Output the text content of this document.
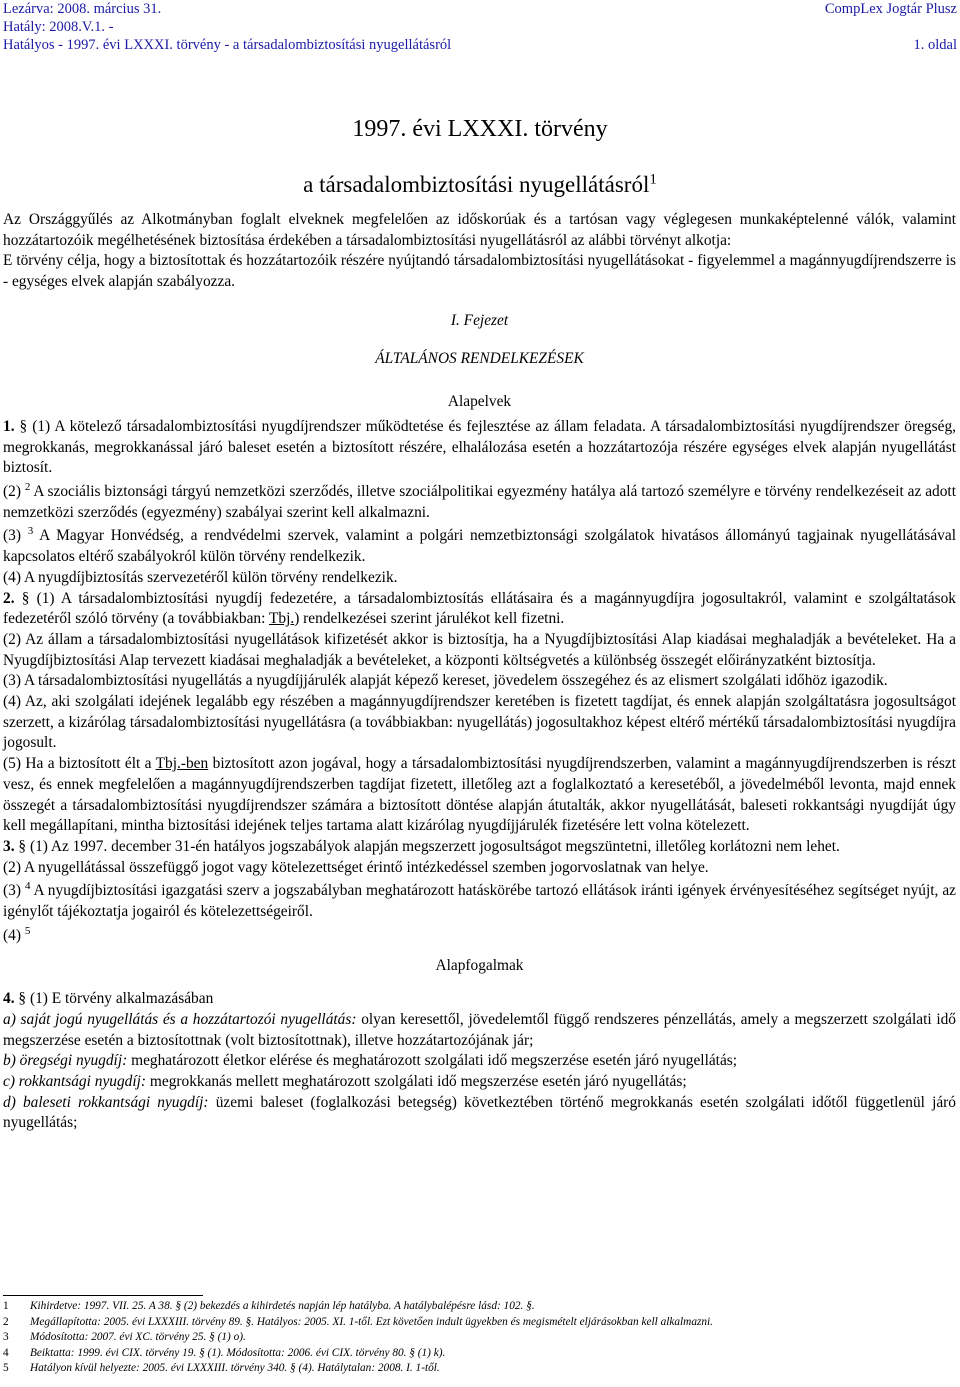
Lezárva: 2008. március 31.	CompLex Jogtár Plusz
Hatály: 2008.V.1. -
Hatályos - 1997. évi LXXXI. törvény - a társadalombiztosítási nyugellátásról	1. oldal
1997. évi LXXXI. törvény
a társadalombiztosítási nyugellátásról$^1$

Az Országgyűlés az Alkotmányban foglalt elveknek megfelelően az időskorúak és a tartósan vagy véglegesen munkaképtelenné válók, valamint hozzátartozóik megélhetésének biztosítása érdekében a társadalombiztosítási nyugellátásról az alábbi törvényt alkotja:

E törvény célja, hogy a biztosítottak és hozzátartozóik részére nyújtandó társadalombiztosítási nyugellátásokat - figyelemmel a magánnyugdíjrendszerre is - egységes elvek alapján szabályozza.

I. Fejezet

ÁLTALÁNOS RENDELKEZÉSEK

Alapelvek

1. § (1) A kötelező társadalombiztosítási nyugdíjrendszer működtetése és fejlesztése az állam feladata. A társadalombiztosítási nyugdíjrendszer öregség, megrokkanás, megrokkanással járó baleset esetén a biztosított részére, elhalálozása esetén a hozzátartozója részére egységes elvek alapján nyugellátást biztosít.

(2) $^2$ A szociális biztonsági tárgyú nemzetközi szerződés, illetve szociálpolitikai egyezmény hatálya alá tartozó személyre e törvény rendelkezéseit az adott nemzetközi szerződés (egyezmény) szabályai szerint kell alkalmazni.

(3) $^3$ A Magyar Honvédség, a rendvédelmi szervek, valamint a polgári nemzetbiztonsági szolgálatok hivatásos állományú tagjainak nyugellátásával kapcsolatos eltérő szabályokról külön törvény rendelkezik.

(4) A nyugdíjbiztosítás szervezetéről külön törvény rendelkezik.

2. § (1) A társadalombiztosítási nyugdíj fedezetére, a társadalombiztosítás ellátásaira és a magánnyugdíjra jogosultakról, valamint e szolgáltatások fedezetéről szóló törvény (a továbbiakban: Tbj.) rendelkezései szerint járulékot kell fizetni.

(2) Az állam a társadalombiztosítási nyugellátások kifizetését akkor is biztosítja, ha a Nyugdíjbiztosítási Alap kiadásai meghaladják a bevételeket. Ha a Nyugdíjbiztosítási Alap tervezett kiadásai meghaladják a bevételeket, a központi költségvetés a különbség összegét előirányzatként biztosítja.

(3) A társadalombiztosítási nyugellátás a nyugdíjjárulék alapját képező kereset, jövedelem összegéhez és az elismert szolgálati időhöz igazodik.

(4) Az, aki szolgálati idejének legalább egy részében a magánnyugdíjrendszer keretében is fizetett tagdíjat, és ennek alapján szolgáltatásra jogosultságot szerzett, a kizárólag társadalombiztosítási nyugellátásra (a továbbiakban: nyugellátás) jogosultakhoz képest eltérő mértékű társadalombiztosítási nyugdíjra jogosult.

(5) Ha a biztosított élt a Tbj.-ben biztosított azon jogával, hogy a társadalombiztosítási nyugdíjrendszerben, valamint a magánnyugdíjrendszerben is részt vesz, és ennek megfelelően a magánnyugdíjrendszerben tagdíjat fizetett, illetőleg azt a foglalkoztató a keresetéből, a jövedelméből levonta, majd ennek összegét a társadalombiztosítási nyugdíjrendszer számára a biztosított döntése alapján átutalták, akkor nyugellátását, baleseti rokkantsági nyugdíját úgy kell megállapítani, mintha biztosítási idejének teljes tartama alatt kizárólag nyugdíjjárulék fizetésére lett volna kötelezett.

3. § (1) Az 1997. december 31-én hatályos jogszabályok alapján megszerzett jogosultságot megszüntetni, illetőleg korlátozni nem lehet.

(2) A nyugellátással összefüggő jogot vagy kötelezettséget érintő intézkedéssel szemben jogorvoslatnak van helye.

(3) $^4$ A nyugdíjbiztosítási igazgatási szerv a jogszabályban meghatározott hatáskörébe tartozó ellátások iránti igények érvényesítéséhez segítséget nyújt, az igénylőt tájékoztatja jogairól és kötelezettségeiről.

(4) $^5$

Alapfogalmak

4. § (1) E törvény alkalmazásában

a) saját jogú nyugellátás és a hozzátartozói nyugellátás: olyan keresettől, jövedelemtől függő rendszeres pénzellátás, amely a megszerzett szolgálati idő megszerzése esetén a biztosítottnak (volt biztosítottnak), illetve hozzátartozójának jár;

b) öregségi nyugdíj: meghatározott életkor elérése és meghatározott szolgálati idő megszerzése esetén járó nyugellátás;

c) rokkantsági nyugdíj: megrokkanás mellett meghatározott szolgálati idő megszerzése esetén járó nyugellátás;

d) baleseti rokkantsági nyugdíj: üzemi baleset (foglalkozási betegség) következtében történő megrokkanás esetén szolgálati időtől függetlenül járó nyugellátás;

1	Kihirdetve: 1997. VII. 25. A 38. § (2) bekezdés a kihirdetés napján lép hatályba. A hatálybalépésre lásd: 102. §.
2	Megállapította: 2005. évi LXXXIII. törvény 89. §. Hatályos: 2005. XI. 1-től. Ezt követően indult ügyekben és megismételt eljárásokban kell alkalmazni.
3	Módosította: 2007. évi XC. törvény 25. § (1) o).
4	Beiktatta: 1999. évi CIX. törvény 19. § (1). Módosította: 2006. évi CIX. törvény 80. § (1) k).
5	Hatályon kívül helyezte: 2005. évi LXXXIII. törvény 340. § (4). Hatálytalan: 2008. I. 1-től.
